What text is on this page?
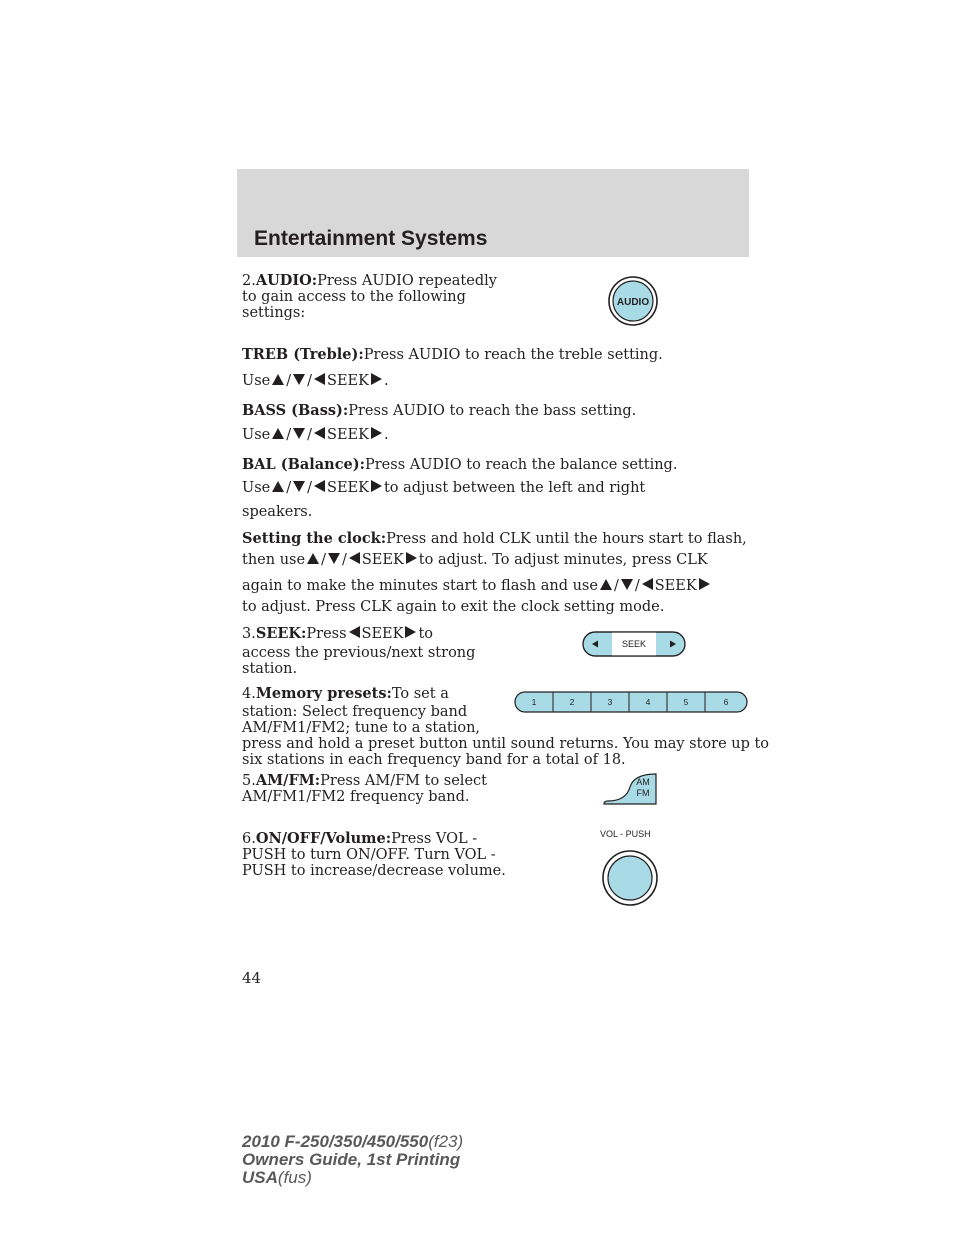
Entertainment Systems
2.AUDIO:Press AUDIO repeatedly
to gain access to the following
settings:
AUDIO
TREB (Treble):Press AUDIO to reach the treble setting.
Use / / SEEK .
BASS (Bass):Press AUDIO to reach the bass setting.
Use / / SEEK .
BAL (Balance):Press AUDIO to reach the balance setting.
Use / / SEEK to adjust between the left and right
speakers.
Setting the clock:Press and hold CLK until the hours start to flash,
then use / / SEEK to adjust. To adjust minutes, press CLK
again to make the minutes start to flash and use / / SEEK
to adjust. Press CLK again to exit the clock setting mode.
3.SEEK:Press SEEK to
access the previous/next strong
station.
SEEK
4.Memory presets:To set a
station: Select frequency band
AM/FM1/FM2; tune to a station,
press and hold a preset button until sound returns. You may store up to
six stations in each frequency band for a total of 18.
1	2	3	4	5	6
5.AM/FM:Press AM/FM to select
AM/FM1/FM2 frequency band.
AM
FM
6.ON/OFF/Volume:Press VOL -
PUSH to turn ON/OFF. Turn VOL -
PUSH to increase/decrease volume.
VOL - PUSH
44
2010 F-250/350/450/550(f23)
Owners Guide, 1st Printing
USA(fus)
